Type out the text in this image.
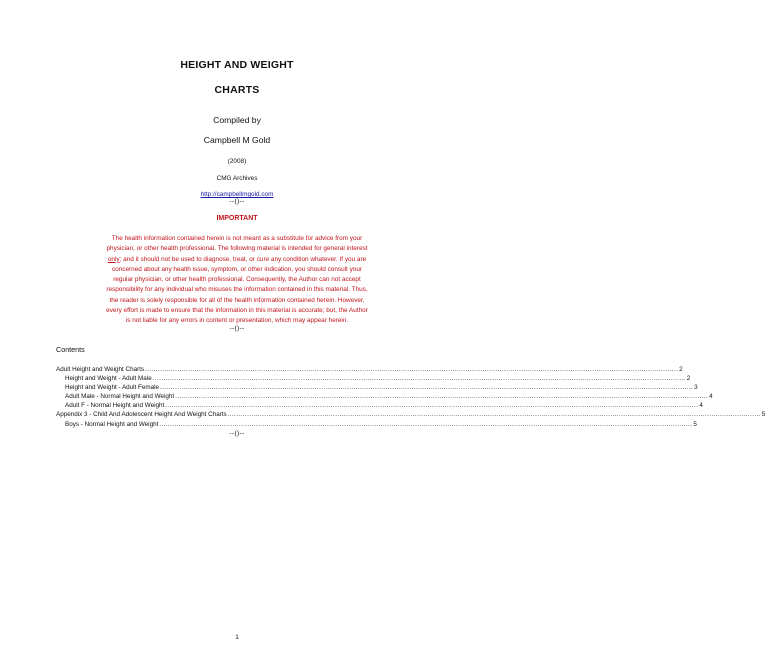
HEIGHT AND WEIGHT
CHARTS
Compiled by
Campbell M Gold
(2008)
CMG Archives
http://campbellmgold.com
--()--
IMPORTANT
The health information contained herein is not meant as a substitute for advice from your
physician, or other health professional. The following material is intended for general interest
only; and it should not be used to diagnose, treat, or cure any condition whatever. If you are
concerned about any health issue, symptom, or other indication, you should consult your
regular physician, or other health professional. Consequently, the Author can not accept
responsibility for any individual who misuses the information contained in this material. Thus,
the reader is solely responsible for all of the health information contained herein. However,
every effort is made to ensure that the information in this material is accurate; but, the Author
is not liable for any errors in content or presentation, which may appear herein.
--()--
Contents
Adult Height and Weight Charts ........................................................................................................................................................................................................................................................ 2
Height and Weight - Adult Male ........................................................................................................................................................................................................................................................ 2
Height and Weight - Adult Female ........................................................................................................................................................................................................................................................ 3
Adult Male - Normal Height and Weight ........................................................................................................................................................................................................................................................ 4
Adult F - Normal Height and Weight ........................................................................................................................................................................................................................................................ 4
Appendix 3 - Child And Adolescent Height And Weight Charts ........................................................................................................................................................................................................................................................ 5
Boys - Normal Height and Weight ........................................................................................................................................................................................................................................................ 5
--()--
1
